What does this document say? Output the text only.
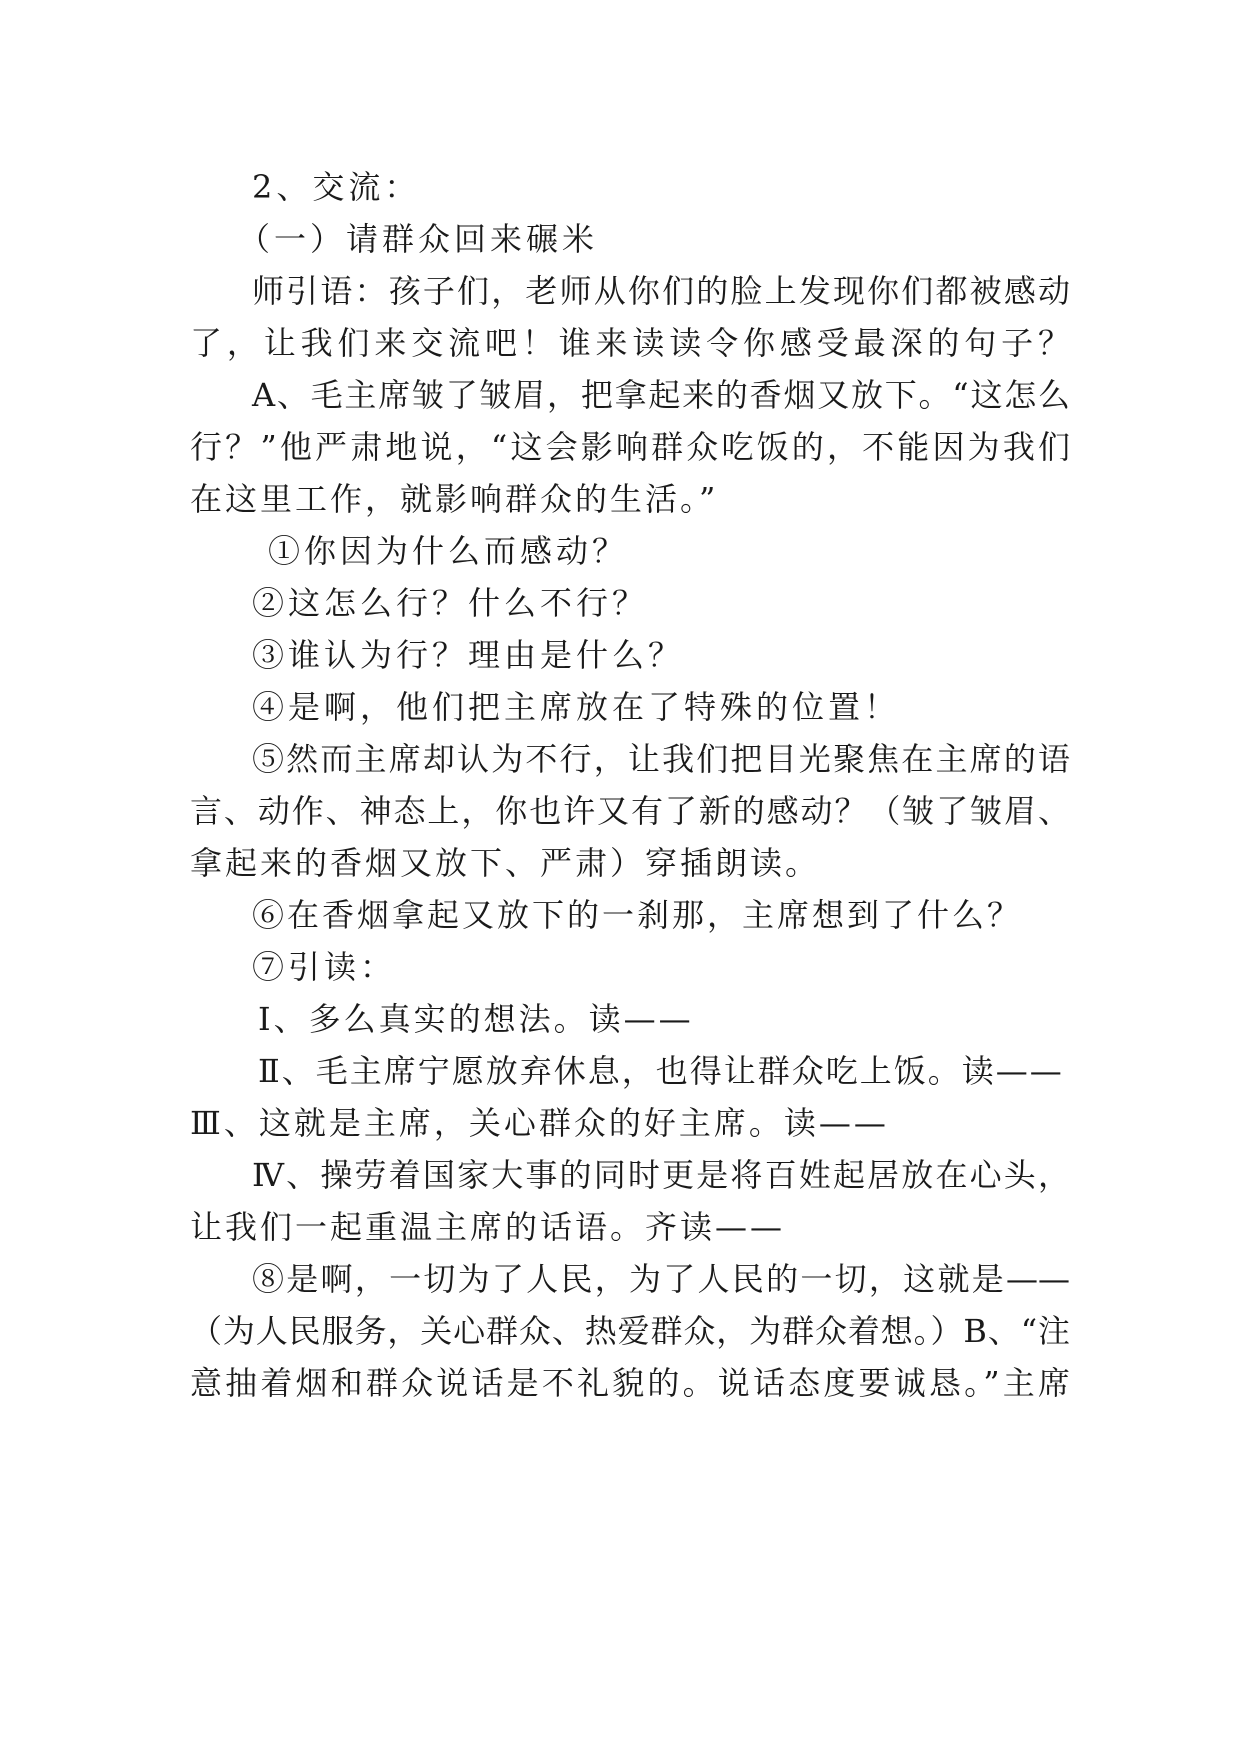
2、交流：
（一）请群众回来碾米
师引语：孩子们，老师从你们的脸上发现你们都被感动
了，让我们来交流吧！谁来读读令你感受最深的句子？
A、毛主席皱了皱眉，把拿起来的香烟又放下。“这怎么
行？”他严肃地说，“这会影响群众吃饭的，不能因为我们
在这里工作，就影响群众的生活。”
①你因为什么而感动？
②这怎么行？什么不行？
③谁认为行？理由是什么？
④是啊，他们把主席放在了特殊的位置！
⑤然而主席却认为不行，让我们把目光聚焦在主席的语
言、动作、神态上，你也许又有了新的感动？（皱了皱眉、
拿起来的香烟又放下、严肃）穿插朗读。
⑥在香烟拿起又放下的一刹那，主席想到了什么？
⑦引读：
Ⅰ、多么真实的想法。读——
Ⅱ、毛主席宁愿放弃休息，也得让群众吃上饭。读——
Ⅲ、这就是主席，关心群众的好主席。读——
Ⅳ、操劳着国家大事的同时更是将百姓起居放在心头，
让我们一起重温主席的话语。齐读——
⑧是啊，一切为了人民，为了人民的一切，这就是——
（为人民服务，关心群众、热爱群众，为群众着想。）B、“注
意抽着烟和群众说话是不礼貌的。说话态度要诚恳。”主席
